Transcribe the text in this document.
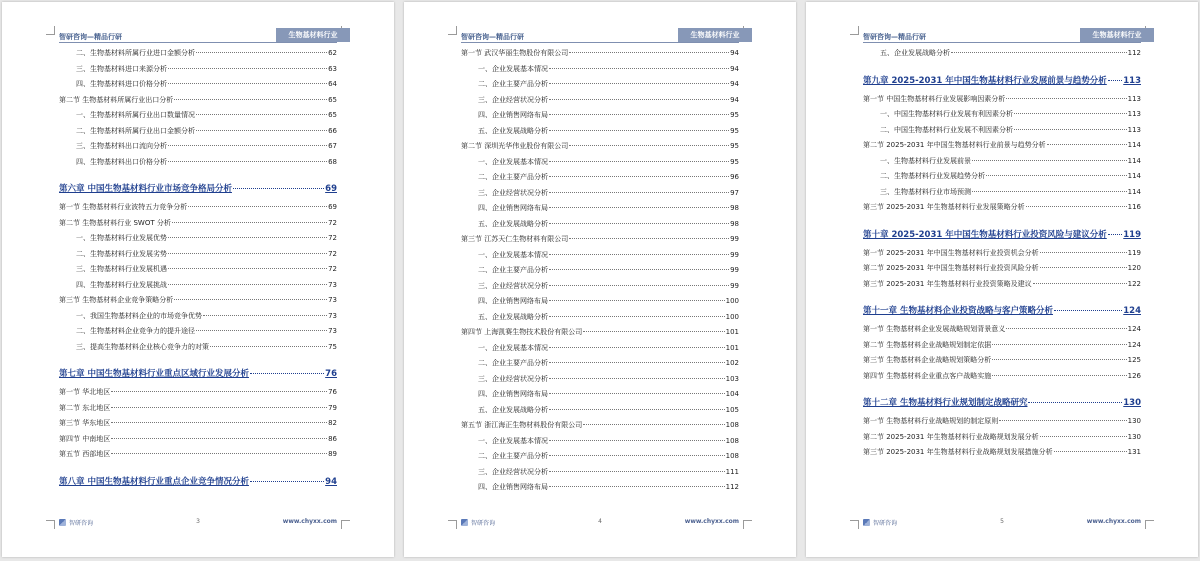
智研咨询—精品行研	生物基材料行业
二、生物基材料所属行业进口金额分析	62
三、生物基材料进口来源分析	63
四、生物基材料进口价格分析	64
第二节 生物基材料所属行业出口分析	65
一、生物基材料所属行业出口数量情况	65
二、生物基材料所属行业出口金额分析	66
三、生物基材料出口流向分析	67
四、生物基材料出口价格分析	68
第六章 中国生物基材料行业市场竞争格局分析	69
第一节 生物基材料行业波特五力竞争分析	69
第二节 生物基材料行业 SWOT 分析	72
一、生物基材料行业发展优势	72
二、生物基材料行业发展劣势	72
三、生物基材料行业发展机遇	72
四、生物基材料行业发展挑战	73
第三节 生物基材料企业竞争策略分析	73
一、我国生物基材料企业的市场竞争优势	73
二、生物基材料企业竞争力的提升途径	73
三、提高生物基材料企业核心竞争力的对策	75
第七章 中国生物基材料行业重点区域行业发展分析	76
第一节 华北地区	76
第二节 东北地区	79
第三节 华东地区	82
第四节 中南地区	86
第五节 西部地区	89
第八章 中国生物基材料行业重点企业竞争情况分析	94
智研咨询	3	www.chyxx.com
智研咨询—精品行研	生物基材料行业
第一节 武汉华丽生物股份有限公司	94
一、企业发展基本情况	94
二、企业主要产品分析	94
三、企业经营状况分析	94
四、企业销售网络布局	95
五、企业发展战略分析	95
第二节 深圳光华伟业股份有限公司	95
一、企业发展基本情况	95
二、企业主要产品分析	96
三、企业经营状况分析	97
四、企业销售网络布局	98
五、企业发展战略分析	98
第三节 江苏天仁生物材料有限公司	99
一、企业发展基本情况	99
二、企业主要产品分析	99
三、企业经营状况分析	99
四、企业销售网络布局	100
五、企业发展战略分析	100
第四节 上海凯赛生物技术股份有限公司	101
一、企业发展基本情况	101
二、企业主要产品分析	102
三、企业经营状况分析	103
四、企业销售网络布局	104
五、企业发展战略分析	105
第五节 浙江海正生物材料股份有限公司	108
一、企业发展基本情况	108
二、企业主要产品分析	108
三、企业经营状况分析	111
四、企业销售网络布局	112
智研咨询	4	www.chyxx.com
智研咨询—精品行研	生物基材料行业
五、企业发展战略分析	112
第九章 2025-2031 年中国生物基材料行业发展前景与趋势分析 113
第一节 中国生物基材料行业发展影响因素分析	113
一、中国生物基材料行业发展有利因素分析	113
二、中国生物基材料行业发展不利因素分析	113
第二节 2025-2031 年中国生物基材料行业前景与趋势分析	114
一、生物基材料行业发展前景	114
二、生物基材料行业发展趋势分析	114
三、生物基材料行业市场预测	114
第三节 2025-2031 年生物基材料行业发展策略分析	116
第十章 2025-2031 年中国生物基材料行业投资风险与建议分析 119
第一节 2025-2031 年中国生物基材料行业投资机会分析	119
第二节 2025-2031 年中国生物基材料行业投资风险分析	120
第三节 2025-2031 年生物基材料行业投资策略及建议	122
第十一章 生物基材料企业投资战略与客户策略分析	124
第一节 生物基材料企业发展战略规划背景意义	124
第二节 生物基材料企业战略规划制定依据	124
第三节 生物基材料企业战略规划策略分析	125
第四节 生物基材料企业重点客户战略实施	126
第十二章 生物基材料行业规划制定战略研究	130
第一节 生物基材料行业战略规划的制定原则	130
第二节 2025-2031 年生物基材料行业战略规划发展分析	130
第三节 2025-2031 年生物基材料行业战略规划发展措施分析	131
智研咨询	5	www.chyxx.com
